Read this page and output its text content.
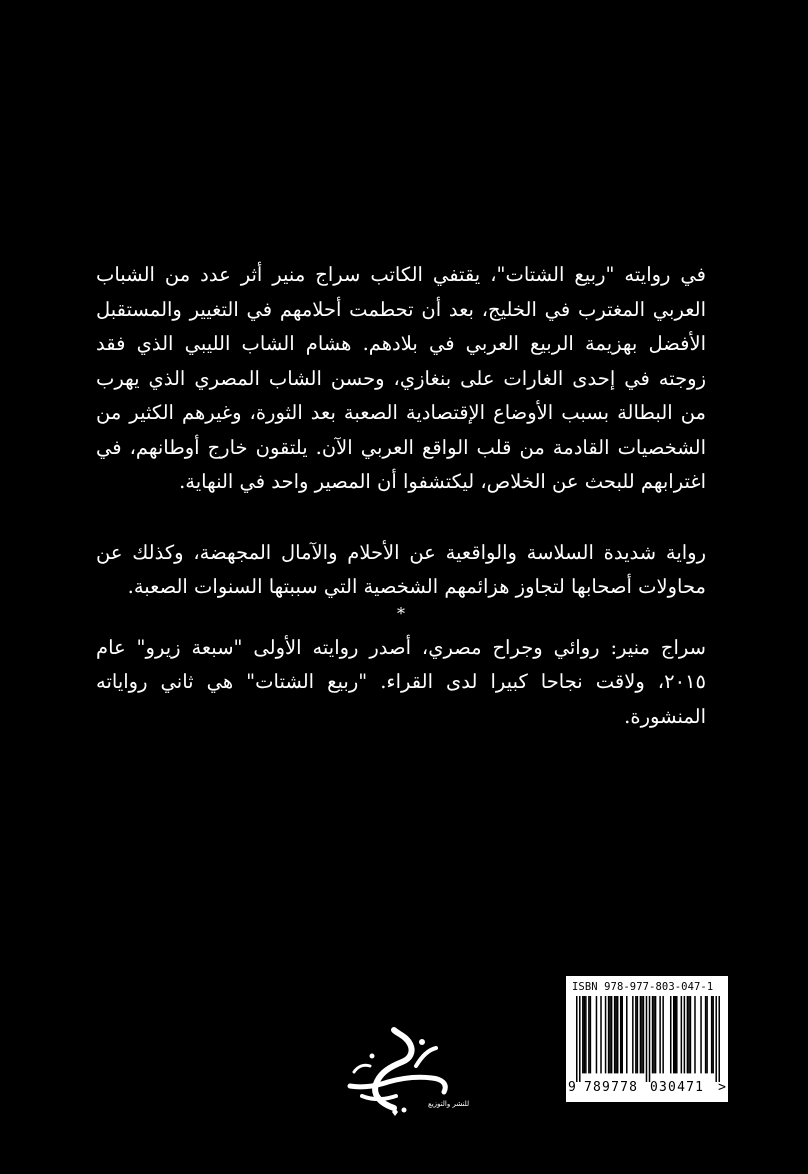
في روايته "ربيع الشتات"، يقتفي الكاتب سراج منير أثر عدد من الشباب العربي المغترب في الخليج، بعد أن تحطمت أحلامهم في التغيير والمستقبل الأفضل بهزيمة الربيع العربي في بلادهم. هشام الشاب الليبي الذي فقد زوجته في إحدى الغارات على بنغازي، وحسن الشاب المصري الذي يهرب من البطالة بسبب الأوضاع الإقتصادية الصعبة بعد الثورة، وغيرهم الكثير من الشخصيات القادمة من قلب الواقع العربي الآن. يلتقون خارج أوطانهم، في اغترابهم للبحث عن الخلاص، ليكتشفوا أن المصير واحد في النهاية.

رواية شديدة السلاسة والواقعية عن الأحلام والآمال المجهضة، وكذلك عن محاولات أصحابها لتجاوز هزائمهم الشخصية التي سببتها السنوات الصعبة.

*

سراج منير: روائي وجراح مصري، أصدر روايته الأولى "سبعة زيرو" عام ٢٠١٥، ولاقت نجاحا كبيرا لدى القراء. "ربيع الشتات" هي ثاني رواياته المنشورة.

للنشر والتوزيع
ISBN 978-977-803-047-1
9 789778 030471 >
